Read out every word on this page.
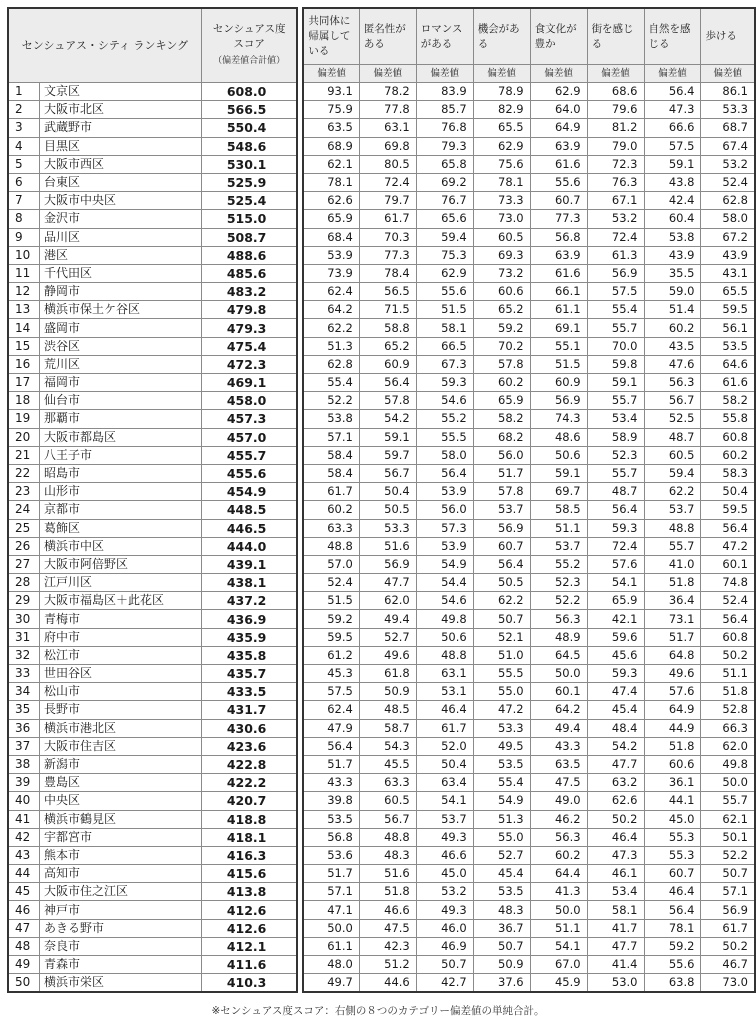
センシュアス・シティ ランキング		センシュアス度
スコア
（偏差値合計値）		共同体に帰属している	匿名性がある	ロマンスがある	機会がある	食文化が豊か	街を感じる	自然を感じる	歩ける
				偏差値	偏差値	偏差値	偏差値	偏差値	偏差値	偏差値	偏差値
1	文京区	608.0		93.1	78.2	83.9	78.9	62.9	68.6	56.4	86.1
2	大阪市北区	566.5		75.9	77.8	85.7	82.9	64.0	79.6	47.3	53.3
3	武蔵野市	550.4		63.5	63.1	76.8	65.5	64.9	81.2	66.6	68.7
4	目黒区	548.6		68.9	69.8	79.3	62.9	63.9	79.0	57.5	67.4
5	大阪市西区	530.1		62.1	80.5	65.8	75.6	61.6	72.3	59.1	53.2
6	台東区	525.9		78.1	72.4	69.2	78.1	55.6	76.3	43.8	52.4
7	大阪市中央区	525.4		62.6	79.7	76.7	73.3	60.7	67.1	42.4	62.8
8	金沢市	515.0		65.9	61.7	65.6	73.0	77.3	53.2	60.4	58.0
9	品川区	508.7		68.4	70.3	59.4	60.5	56.8	72.4	53.8	67.2
10	港区	488.6		53.9	77.3	75.3	69.3	63.9	61.3	43.9	43.9
11	千代田区	485.6		73.9	78.4	62.9	73.2	61.6	56.9	35.5	43.1
12	静岡市	483.2		62.4	56.5	55.6	60.6	66.1	57.5	59.0	65.5
13	横浜市保土ケ谷区	479.8		64.2	71.5	51.5	65.2	61.1	55.4	51.4	59.5
14	盛岡市	479.3		62.2	58.8	58.1	59.2	69.1	55.7	60.2	56.1
15	渋谷区	475.4		51.3	65.2	66.5	70.2	55.1	70.0	43.5	53.5
16	荒川区	472.3		62.8	60.9	67.3	57.8	51.5	59.8	47.6	64.6
17	福岡市	469.1		55.4	56.4	59.3	60.2	60.9	59.1	56.3	61.6
18	仙台市	458.0		52.2	57.8	54.6	65.9	56.9	55.7	56.7	58.2
19	那覇市	457.3		53.8	54.2	55.2	58.2	74.3	53.4	52.5	55.8
20	大阪市都島区	457.0		57.1	59.1	55.5	68.2	48.6	58.9	48.7	60.8
21	八王子市	455.7		58.4	59.7	58.0	56.0	50.6	52.3	60.5	60.2
22	昭島市	455.6		58.4	56.7	56.4	51.7	59.1	55.7	59.4	58.3
23	山形市	454.9		61.7	50.4	53.9	57.8	69.7	48.7	62.2	50.4
24	京都市	448.5		60.2	50.5	56.0	53.7	58.5	56.4	53.7	59.5
25	葛飾区	446.5		63.3	53.3	57.3	56.9	51.1	59.3	48.8	56.4
26	横浜市中区	444.0		48.8	51.6	53.9	60.7	53.7	72.4	55.7	47.2
27	大阪市阿倍野区	439.1		57.0	56.9	54.9	56.4	55.2	57.6	41.0	60.1
28	江戸川区	438.1		52.4	47.7	54.4	50.5	52.3	54.1	51.8	74.8
29	大阪市福島区＋此花区	437.2		51.5	62.0	54.6	62.2	52.2	65.9	36.4	52.4
30	青梅市	436.9		59.2	49.4	49.8	50.7	56.3	42.1	73.1	56.4
31	府中市	435.9		59.5	52.7	50.6	52.1	48.9	59.6	51.7	60.8
32	松江市	435.8		61.2	49.6	48.8	51.0	64.5	45.6	64.8	50.2
33	世田谷区	435.7		45.3	61.8	63.1	55.5	50.0	59.3	49.6	51.1
34	松山市	433.5		57.5	50.9	53.1	55.0	60.1	47.4	57.6	51.8
35	長野市	431.7		62.4	48.5	46.4	47.2	64.2	45.4	64.9	52.8
36	横浜市港北区	430.6		47.9	58.7	61.7	53.3	49.4	48.4	44.9	66.3
37	大阪市住吉区	423.6		56.4	54.3	52.0	49.5	43.3	54.2	51.8	62.0
38	新潟市	422.8		51.7	45.5	50.4	53.5	63.5	47.7	60.6	49.8
39	豊島区	422.2		43.3	63.3	63.4	55.4	47.5	63.2	36.1	50.0
40	中央区	420.7		39.8	60.5	54.1	54.9	49.0	62.6	44.1	55.7
41	横浜市鶴見区	418.8		53.5	56.7	53.7	51.3	46.2	50.2	45.0	62.1
42	宇都宮市	418.1		56.8	48.8	49.3	55.0	56.3	46.4	55.3	50.1
43	熊本市	416.3		53.6	48.3	46.6	52.7	60.2	47.3	55.3	52.2
44	高知市	415.6		51.7	51.6	45.0	45.4	64.4	46.1	60.7	50.7
45	大阪市住之江区	413.8		57.1	51.8	53.2	53.5	41.3	53.4	46.4	57.1
46	神戸市	412.6		47.1	46.6	49.3	48.3	50.0	58.1	56.4	56.9
47	あきる野市	412.6		50.0	47.5	46.0	36.7	51.1	41.7	78.1	61.7
48	奈良市	412.1		61.1	42.3	46.9	50.7	54.1	47.7	59.2	50.2
49	青森市	411.6		48.0	51.2	50.7	50.9	67.0	41.4	55.6	46.7
50	横浜市栄区	410.3		49.7	44.6	42.7	37.6	45.9	53.0	63.8	73.0
※センシュアス度スコア：右側の８つのカテゴリー偏差値の単純合計。
